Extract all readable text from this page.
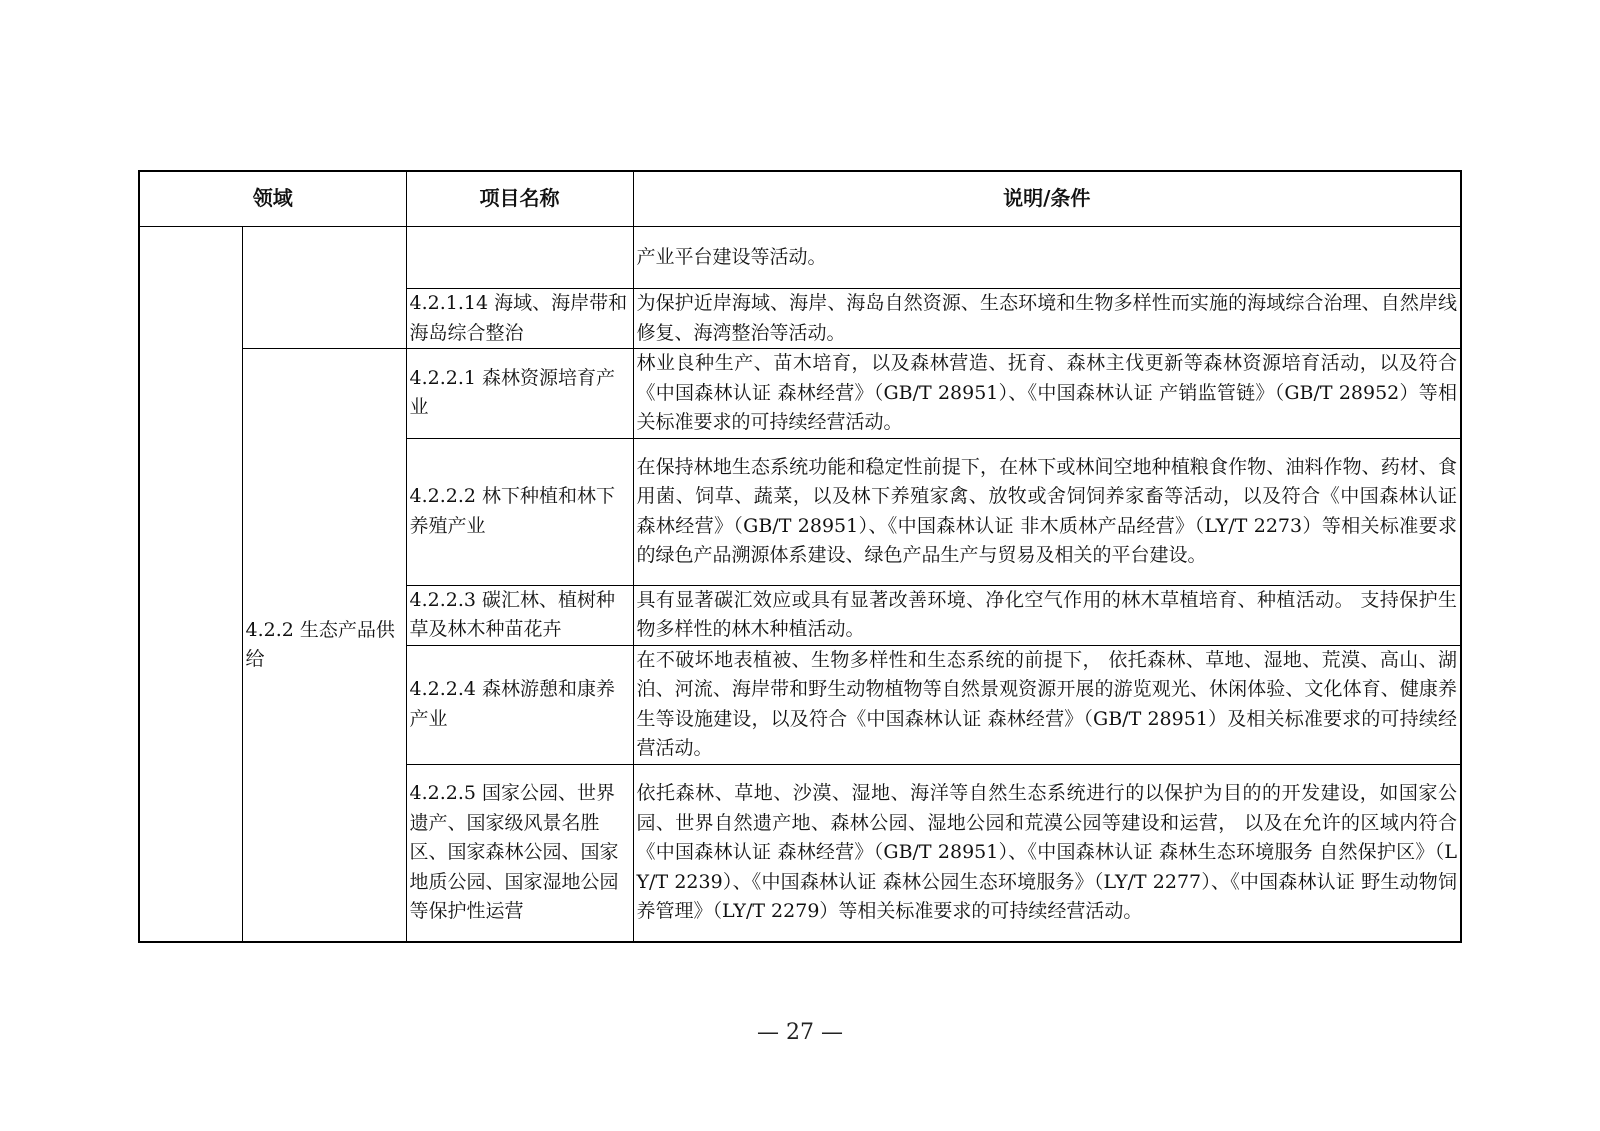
领域		项目名称	说明/条件
			产业平台建设等活动。
		4.2.1.14 海域、海岸带和海岛综合整治	为保护近岸海域、海岸、海岛自然资源、生态环境和生物多样性而实施的海域综合治理、自然岸线修复、海湾整治等活动。
	4.2.2 生态产品供给	4.2.2.1 森林资源培育产业	林业良种生产、苗木培育，以及森林营造、抚育、森林主伐更新等森林资源培育活动，以及符合《中国森林认证 森林经营》（GB/T 28951）、《中国森林认证 产销监管链》（GB/T 28952）等相关标准要求的可持续经营活动。
		4.2.2.2 林下种植和林下养殖产业	在保持林地生态系统功能和稳定性前提下，在林下或林间空地种植粮食作物、油料作物、药材、食用菌、饲草、蔬菜，以及林下养殖家禽、放牧或舍饲饲养家畜等活动，以及符合《中国森林认证 森林经营》（GB/T 28951）、《中国森林认证 非木质林产品经营》（LY/T 2273）等相关标准要求的绿色产品溯源体系建设、绿色产品生产与贸易及相关的平台建设。
		4.2.2.3 碳汇林、植树种草及林木种苗花卉	具有显著碳汇效应或具有显著改善环境、净化空气作用的林木草植培育、种植活动。 支持保护生物多样性的林木种植活动。
		4.2.2.4 森林游憩和康养产业	在不破坏地表植被、生物多样性和生态系统的前提下， 依托森林、草地、湿地、荒漠、高山、湖泊、河流、海岸带和野生动物植物等自然景观资源开展的游览观光、休闲体验、文化体育、健康养生等设施建设，以及符合《中国森林认证 森林经营》（GB/T 28951）及相关标准要求的可持续经营活动。
		4.2.2.5 国家公园、世界遗产、国家级风景名胜区、国家森林公园、国家地质公园、国家湿地公园等保护性运营	依托森林、草地、沙漠、湿地、海洋等自然生态系统进行的以保护为目的的开发建设，如国家公园、世界自然遗产地、森林公园、湿地公园和荒漠公园等建设和运营， 以及在允许的区域内符合《中国森林认证 森林经营》（GB/T 28951）、《中国森林认证 森林生态环境服务 自然保护区》（LY/T 2239）、《中国森林认证 森林公园生态环境服务》（LY/T 2277）、《中国森林认证 野生动物饲养管理》（LY/T 2279）等相关标准要求的可持续经营活动。
— 27 —
